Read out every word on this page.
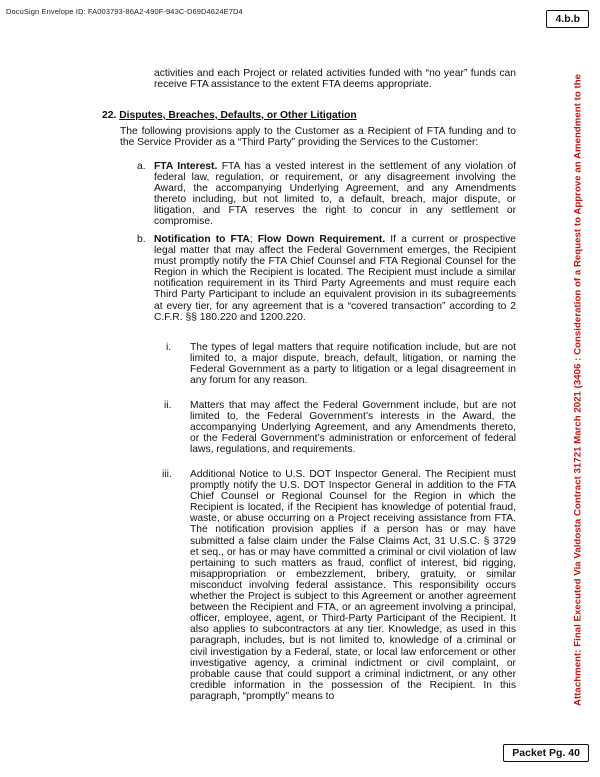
DocuSign Envelope ID: FA003793-86A2-490F-943C-D69D4624E7D4
4.b.b
Attachment: Final Executed Via Valdosta Contract 31721 March 2021 (3406 : Consideration of a Request to Approve an Amendment to the
activities and each Project or related activities funded with “no year” funds can receive FTA assistance to the extent FTA deems appropriate.
22. Disputes, Breaches, Defaults, or Other Litigation
The following provisions apply to the Customer as a Recipient of FTA funding and to the Service Provider as a “Third Party” providing the Services to the Customer:
a. FTA Interest. FTA has a vested interest in the settlement of any violation of federal law, regulation, or requirement, or any disagreement involving the Award, the accompanying Underlying Agreement, and any Amendments thereto including, but not limited to, a default, breach, major dispute, or litigation, and FTA reserves the right to concur in any settlement or compromise.
b. Notification to FTA; Flow Down Requirement. If a current or prospective legal matter that may affect the Federal Government emerges, the Recipient must promptly notify the FTA Chief Counsel and FTA Regional Counsel for the Region in which the Recipient is located. The Recipient must include a similar notification requirement in its Third Party Agreements and must require each Third Party Participant to include an equivalent provision in its subagreements at every tier, for any agreement that is a “covered transaction” according to 2 C.F.R. §§ 180.220 and 1200.220.
i. The types of legal matters that require notification include, but are not limited to, a major dispute, breach, default, litigation, or naming the Federal Government as a party to litigation or a legal disagreement in any forum for any reason.
ii. Matters that may affect the Federal Government include, but are not limited to, the Federal Government’s interests in the Award, the accompanying Underlying Agreement, and any Amendments thereto, or the Federal Government’s administration or enforcement of federal laws, regulations, and requirements.
iii. Additional Notice to U.S. DOT Inspector General. The Recipient must promptly notify the U.S. DOT Inspector General in addition to the FTA Chief Counsel or Regional Counsel for the Region in which the Recipient is located, if the Recipient has knowledge of potential fraud, waste, or abuse occurring on a Project receiving assistance from FTA. The notification provision applies if a person has or may have submitted a false claim under the False Claims Act, 31 U.S.C. § 3729 et seq., or has or may have committed a criminal or civil violation of law pertaining to such matters as fraud, conflict of interest, bid rigging, misappropriation or embezzlement, bribery, gratuity, or similar misconduct involving federal assistance. This responsibility occurs whether the Project is subject to this Agreement or another agreement between the Recipient and FTA, or an agreement involving a principal, officer, employee, agent, or Third-Party Participant of the Recipient. It also applies to subcontractors at any tier. Knowledge, as used in this paragraph, includes, but is not limited to, knowledge of a criminal or civil investigation by a Federal, state, or local law enforcement or other investigative agency, a criminal indictment or civil complaint, or probable cause that could support a criminal indictment, or any other credible information in the possession of the Recipient. In this paragraph, “promptly” means to
Packet Pg. 40
